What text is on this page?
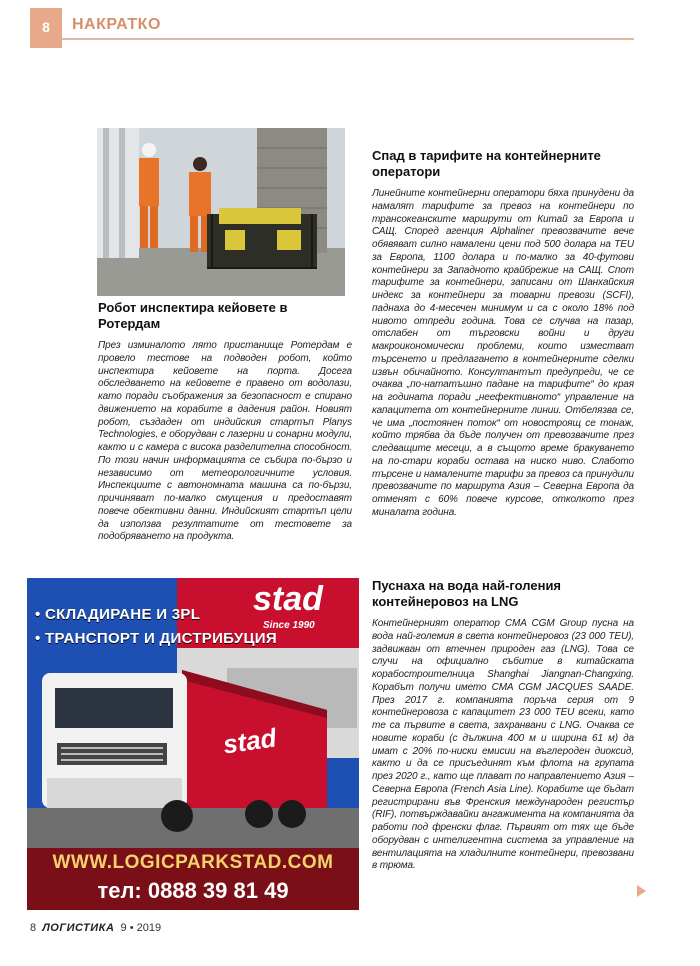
8	НАКРАТКО
Робот инспектира кейовете в Ротердам

През изминалото лято пристанище Ротердам е провело тестове на подводен робот, който инспектира кейовете на порта. Досега обследването на кейовете е правено от водолази, като поради съображения за безопасност е спирано движението на корабите в дадения район. Новият робот, създаден от индийския стартъп Planys Technologies, е оборудван с лазерни и сонарни модули, както и с камера с висока разделителна способност. По този начин информацията се събира по-бързо и независимо от метеорологичните условия. Инспекциите с автономната машина са по-бързи, причиняват по-малко смущения и предоставят повече обективни данни. Индийският стартъп цели да използва резултатите от тестовете за подобряването на продукта.

Спад в тарифите на контейнерните оператори

Линейните контейнерни оператори бяха принудени да намалят тарифите за превоз на контейнери по трансокеанските маршрути от Китай за Европа и САЩ. Според агенция Alphaliner превозвачите вече обявяват силно намалени цени под 500 долара на TEU за Европа, 1100 долара и по-малко за 40-футови контейнери за Западното крайбрежие на САЩ. Спот тарифите за контейнери, записани от Шанхайския индекс за контейнери за товарни превози (SCFI), паднаха до 4-месечен минимум и са с около 18% под нивото отпреди година. Това се случва на пазар, отслабен от търговски войни и други макроикономически проблеми, които изместват търсенето и предлагането в контейнерните сделки извън обичайното. Консултантът предупреди, че се очаква „по-нататъшно падане на тарифите“ до края на годината поради „неефективното“ управление на капацитета от контейнерните линии. Отбелязва се, че има „постоянен поток“ от новостроящ се тонаж, който трябва да бъде получен от превозвачите през следващите месеци, а в същото време бракуването на по-стари кораби остава на ниско ниво. Слабото търсене и намалените тарифи за превоз са принудили превозвачите по маршрута Азия – Северна Европа да отменят с 60% повече курсове, отколкото през миналата година.

Пуснаха на вода най-голения контейнеровоз на LNG

Контейнерният оператор CMA CGM Group пусна на вода най-големия в света контейнеровоз (23 000 TEU), задвижван от втечнен природен газ (LNG). Това се случи на официално събитие в китайската корабостроителница Shanghai Jiangnan-Changxing. Корабът получи името CMA CGM JACQUES SAADE. През 2017 г. компанията поръча серия от 9 контейнеровоза с капацитет 23 000 TEU всеки, като те са първите в света, захранвани с LNG. Очаква се новите кораби (с дължина 400 м и ширина 61 м) да имат с 20% по-ниски емисии на въглероден диоксид, както и да се присъединят към флота на групата през 2020 г., като ще плават по направлението Азия – Северна Европа (French Asia Line). Корабите ще бъдат регистрирани във Френския международен регистър (RIF), потвърждавайки ангажимента на компанията да работи под френски флаг. Първият от тях ще бъде оборудван с интелигентна система за управление на вентилацията на хладилните контейнери, превозвани в трюма.

• СКЛАДИРАНЕ И 3PL
• ТРАНСПОРТ И ДИСТРИБУЦИЯ
stad
Since 1990
stad
WWW.LOGICPARKSTAD.COM
тел: 0888 39 81 49
8 ЛОГИСТИКА 9 • 2019
